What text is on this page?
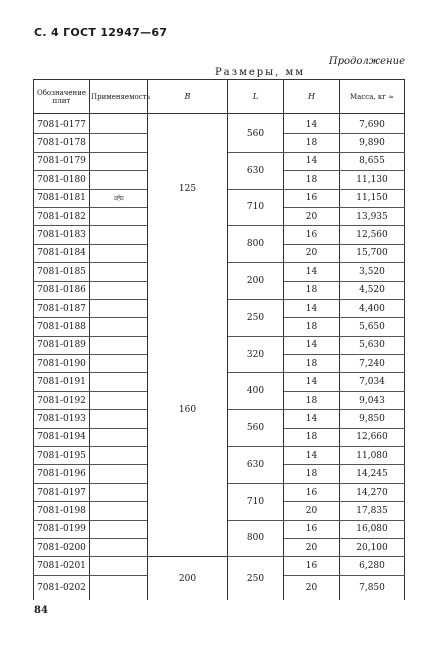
С. 4 ГОСТ 12947—67
Продолжение
Размеры, мм
Обозначение плит	Применяемость	B	L	H	Масса, кг ≈

7081-0177		125	560	14	7,690
7081-0178				18	9,890
7081-0179			630	14	8,655
7081-0180				18	11,130
7081-0181	ਕਲੰਕ		710	16	11,150
7081-0182				20	13,935
7081-0183			800	16	12,560
7081-0184				20	15,700
7081-0185		160	200	14	3,520
7081-0186				18	4,520
7081-0187			250	14	4,400
7081-0188				18	5,650
7081-0189			320	14	5,630
7081-0190				18	7,240
7081-0191			400	14	7,034
7081-0192				18	9,043
7081-0193			560	14	9,850
7081-0194				18	12,660
7081-0195			630	14	11,080
7081-0196				18	14,245
7081-0197			710	16	14,270
7081-0198				20	17,835
7081-0199			800	16	16,080
7081-0200				20	20,100
7081-0201		200	250	16	6,280
7081-0202				20	7,850
84
